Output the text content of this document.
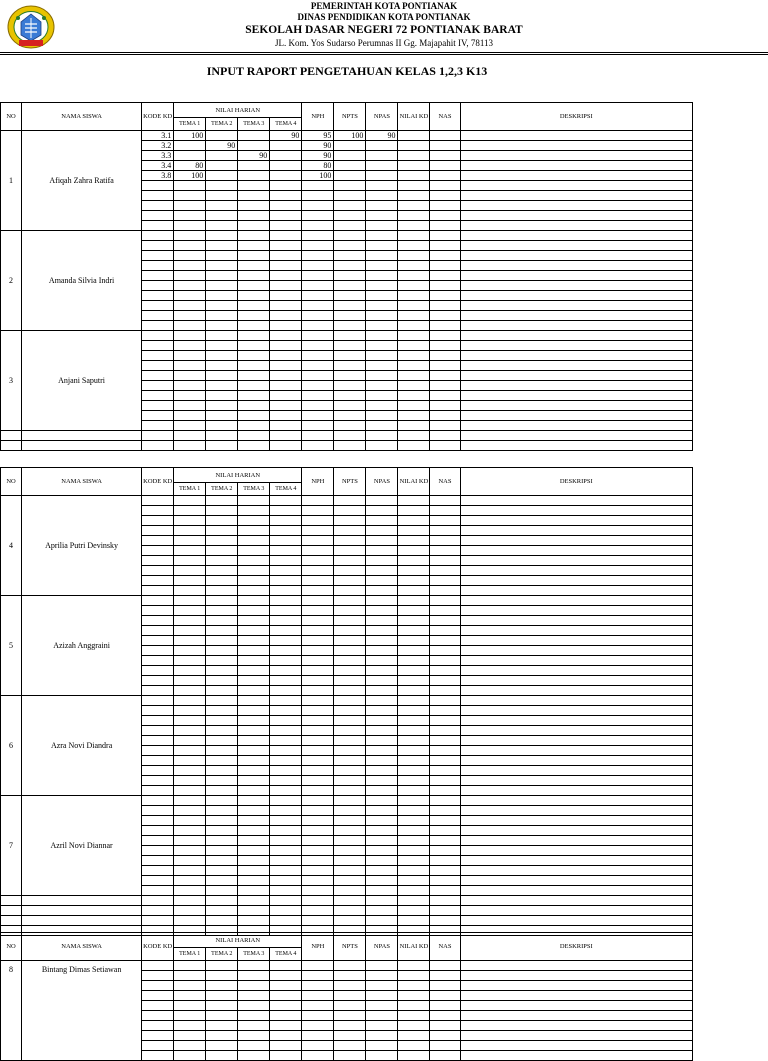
PEMERINTAH KOTA PONTIANAK
DINAS PENDIDIKAN KOTA PONTIANAK
SEKOLAH DASAR NEGERI 72 PONTIANAK BARAT
JL. Kom. Yos Sudarso Perumnas II Gg. Majapahit IV, 78113
INPUT RAPORT PENGETAHUAN KELAS 1,2,3 K13
NO	NAMA SISWA	KODE KD	NILAI HARIAN				NPH	NPTS	NPAS	NILAI KD	NAS	DESKRIPSI
			TEMA 1	TEMA 2	TEMA 3	TEMA 4						
1	Afiqah Zahra Ratifa	3.1	100			90	95	100	90			
		3.2		90			90					
		3.3			90		90					
		3.4	80				80					
		3.8	100				100					

2	Amanda Silvia Indri											

3	Anjani Saputri											

NO	NAMA SISWA	KODE KD	NILAI HARIAN				NPH	NPTS	NPAS	NILAI KD	NAS	DESKRIPSI
			TEMA 1	TEMA 2	TEMA 3	TEMA 4						
4	Aprilia Putri Devinsky											

5	Azizah Anggraini											

6	Azra Novi Diandra											

7	Azril Novi Diannar											

NO	NAMA SISWA	KODE KD	NILAI HARIAN				NPH	NPTS	NPAS	NILAI KD	NAS	DESKRIPSI
			TEMA 1	TEMA 2	TEMA 3	TEMA 4						
8	Bintang Dimas Setiawan											
